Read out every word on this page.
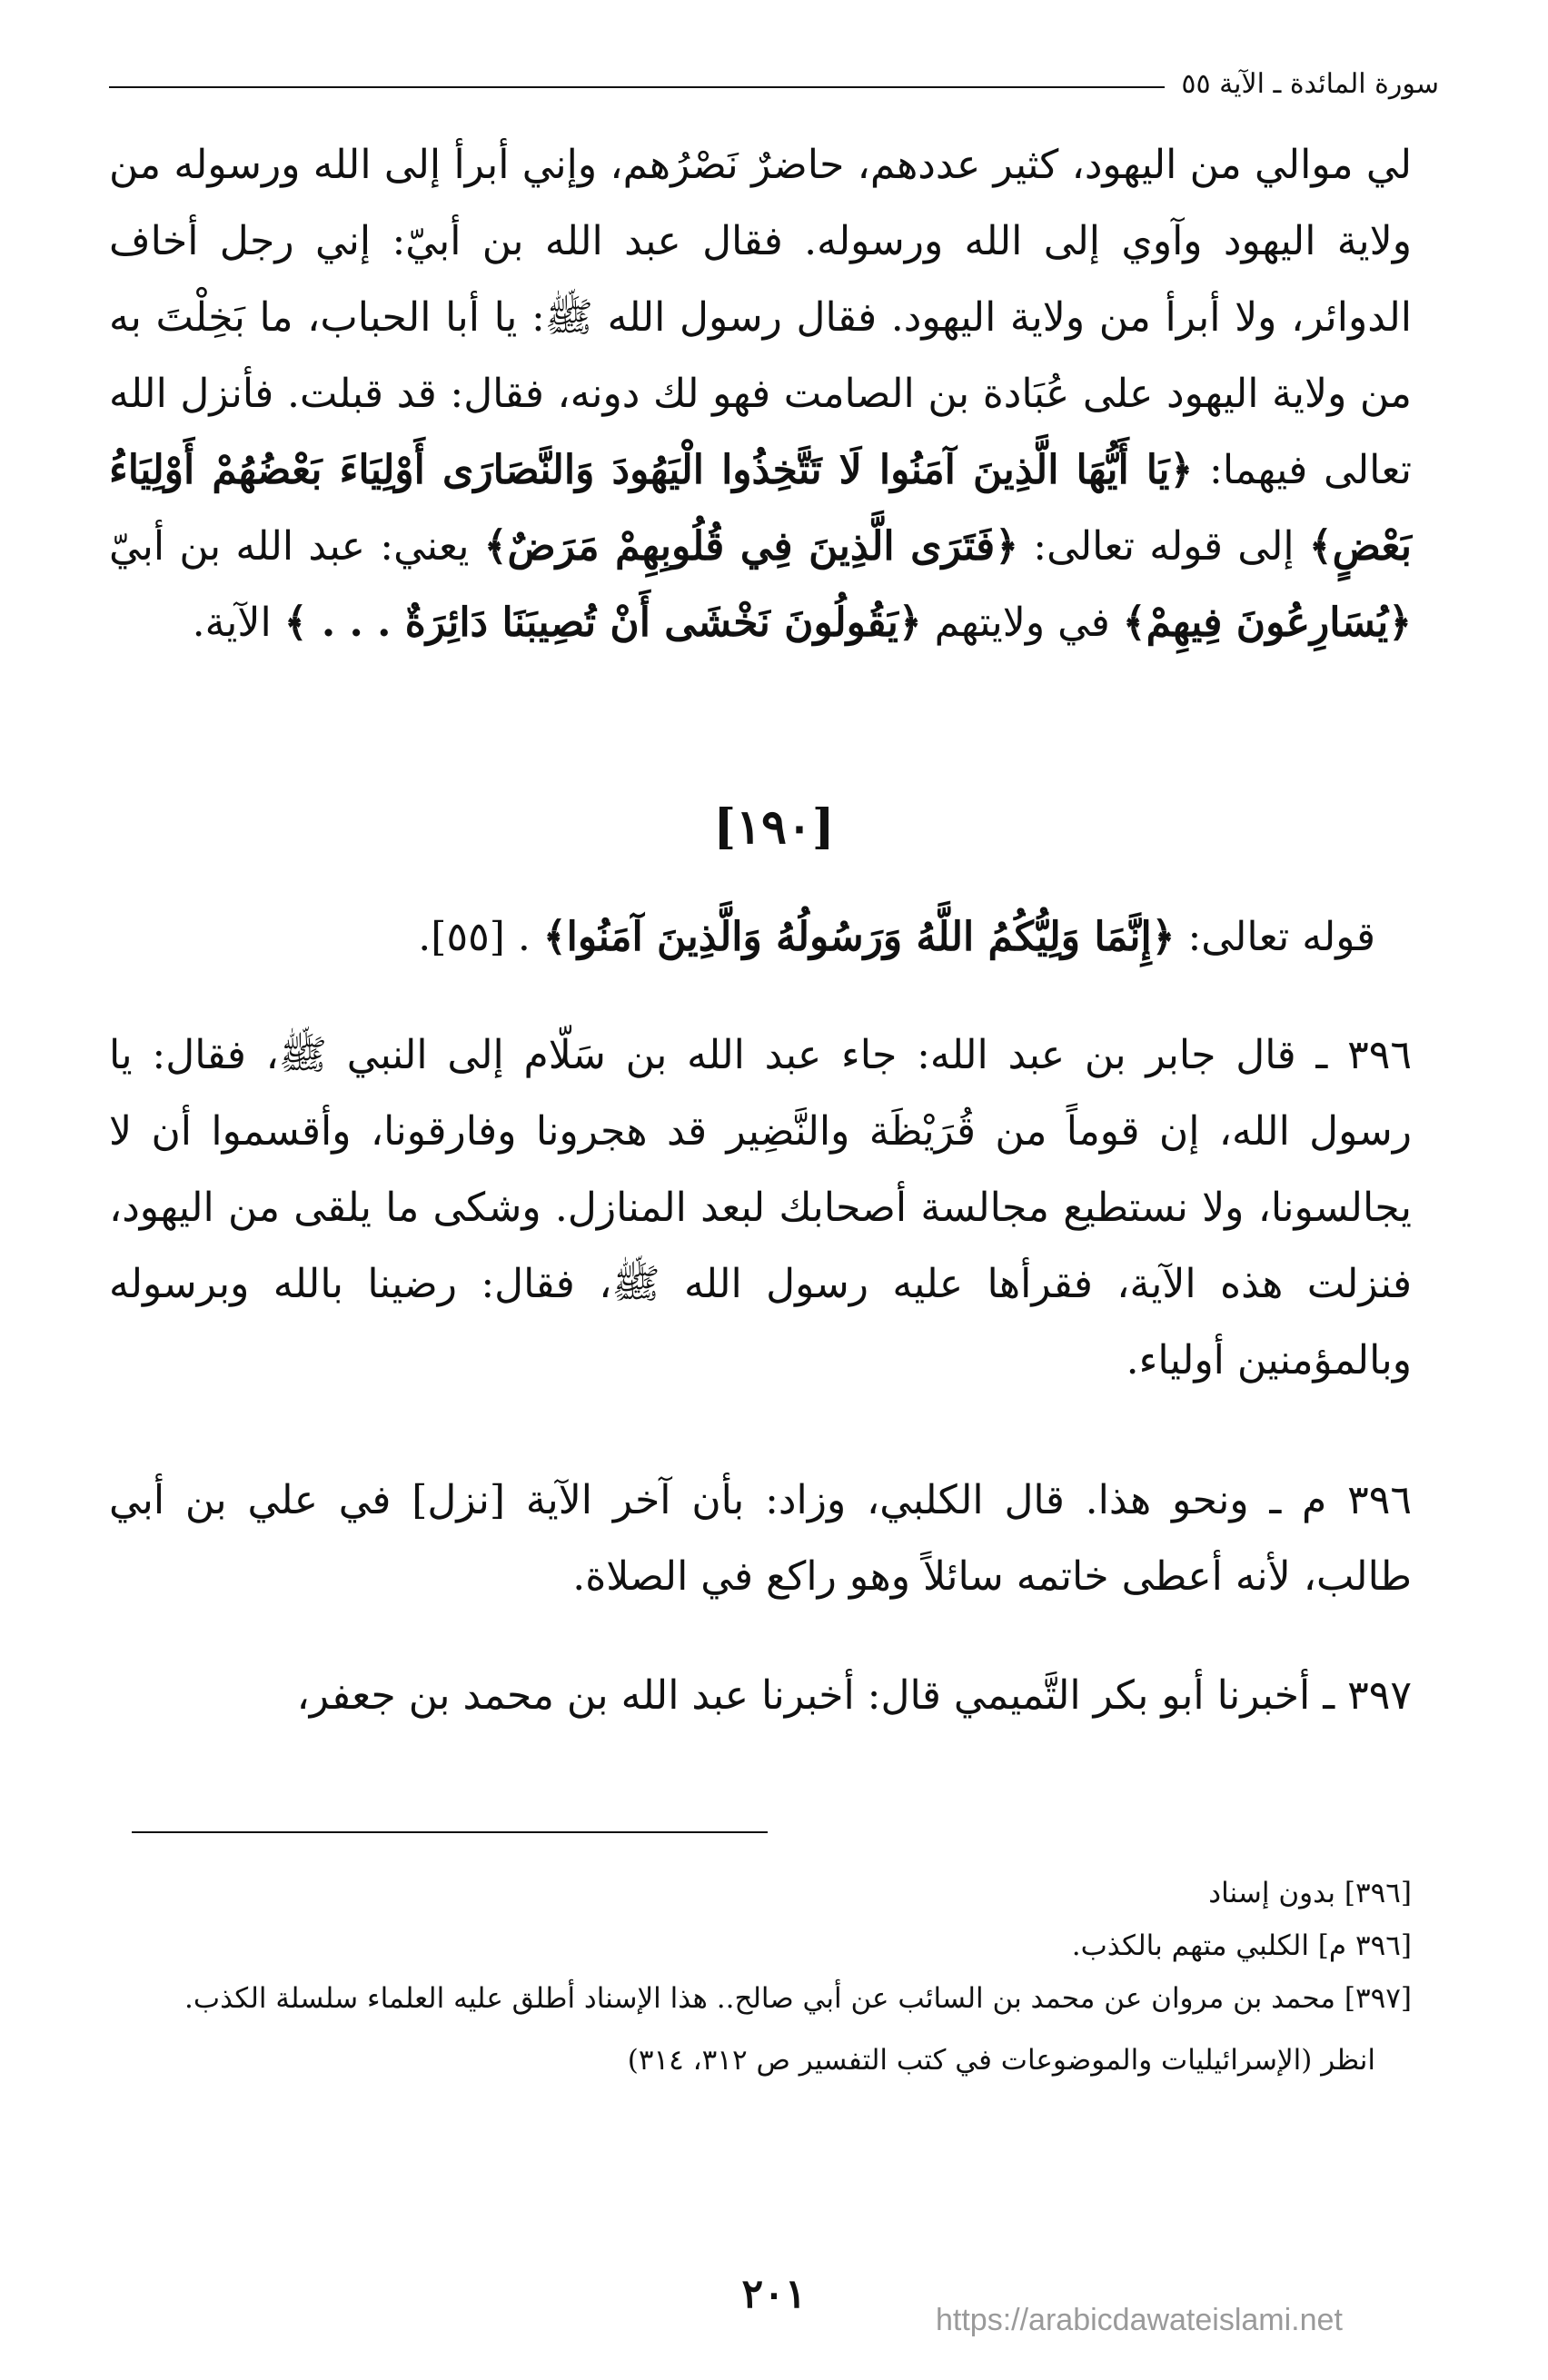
سورة المائدة ـ الآية ٥٥

لي موالي من اليهود، كثير عددهم، حاضرٌ نَصْرُهم، وإني أبرأ إلى الله ورسوله من ولاية اليهود وآوي إلى الله ورسوله. فقال عبد الله بن أبيّ: إني رجل أخاف الدوائر، ولا أبرأ من ولاية اليهود. فقال رسول الله ﷺ: يا أبا الحباب، ما بَخِلْتَ به من ولاية اليهود على عُبَادة بن الصامت فهو لك دونه، فقال: قد قبلت. فأنزل الله تعالى فيهما: ﴿يَا أَيُّهَا الَّذِينَ آمَنُوا لَا تَتَّخِذُوا الْيَهُودَ وَالنَّصَارَى أَوْلِيَاءَ بَعْضُهُمْ أَوْلِيَاءُ بَعْضٍ﴾ إلى قوله تعالى: ﴿فَتَرَى الَّذِينَ فِي قُلُوبِهِمْ مَرَضٌ﴾ يعني: عبد الله بن أبيّ ﴿يُسَارِعُونَ فِيهِمْ﴾ في ولايتهم ﴿يَقُولُونَ نَخْشَى أَنْ تُصِيبَنَا دَائِرَةٌ . . . ﴾ الآية.

[١٩٠]

قوله تعالى: ﴿إِنَّمَا وَلِيُّكُمُ اللَّهُ وَرَسُولُهُ وَالَّذِينَ آمَنُوا﴾ . [٥٥].

٣٩٦ ـ قال جابر بن عبد الله: جاء عبد الله بن سَلّام إلى النبي ﷺ، فقال: يا رسول الله، إن قوماً من قُرَيْظَة والنَّضِير قد هجرونا وفارقونا، وأقسموا أن لا يجالسونا، ولا نستطيع مجالسة أصحابك لبعد المنازل. وشكى ما يلقى من اليهود، فنزلت هذه الآية، فقرأها عليه رسول الله ﷺ، فقال: رضينا بالله وبرسوله وبالمؤمنين أولياء.

٣٩٦ م ـ ونحو هذا. قال الكلبي، وزاد: بأن آخر الآية [نزل] في علي بن أبي طالب، لأنه أعطى خاتمه سائلاً وهو راكع في الصلاة.

٣٩٧ ـ أخبرنا أبو بكر التَّميمي قال: أخبرنا عبد الله بن محمد بن جعفر،

[٣٩٦] بدون إسناد

[٣٩٦ م] الكلبي متهم بالكذب.

[٣٩٧] محمد بن مروان عن محمد بن السائب عن أبي صالح.. هذا الإسناد أطلق عليه العلماء سلسلة الكذب.

انظر (الإسرائيليات والموضوعات في كتب التفسير ص ٣١٢، ٣١٤)

٢٠١
https://arabicdawateislami.net
